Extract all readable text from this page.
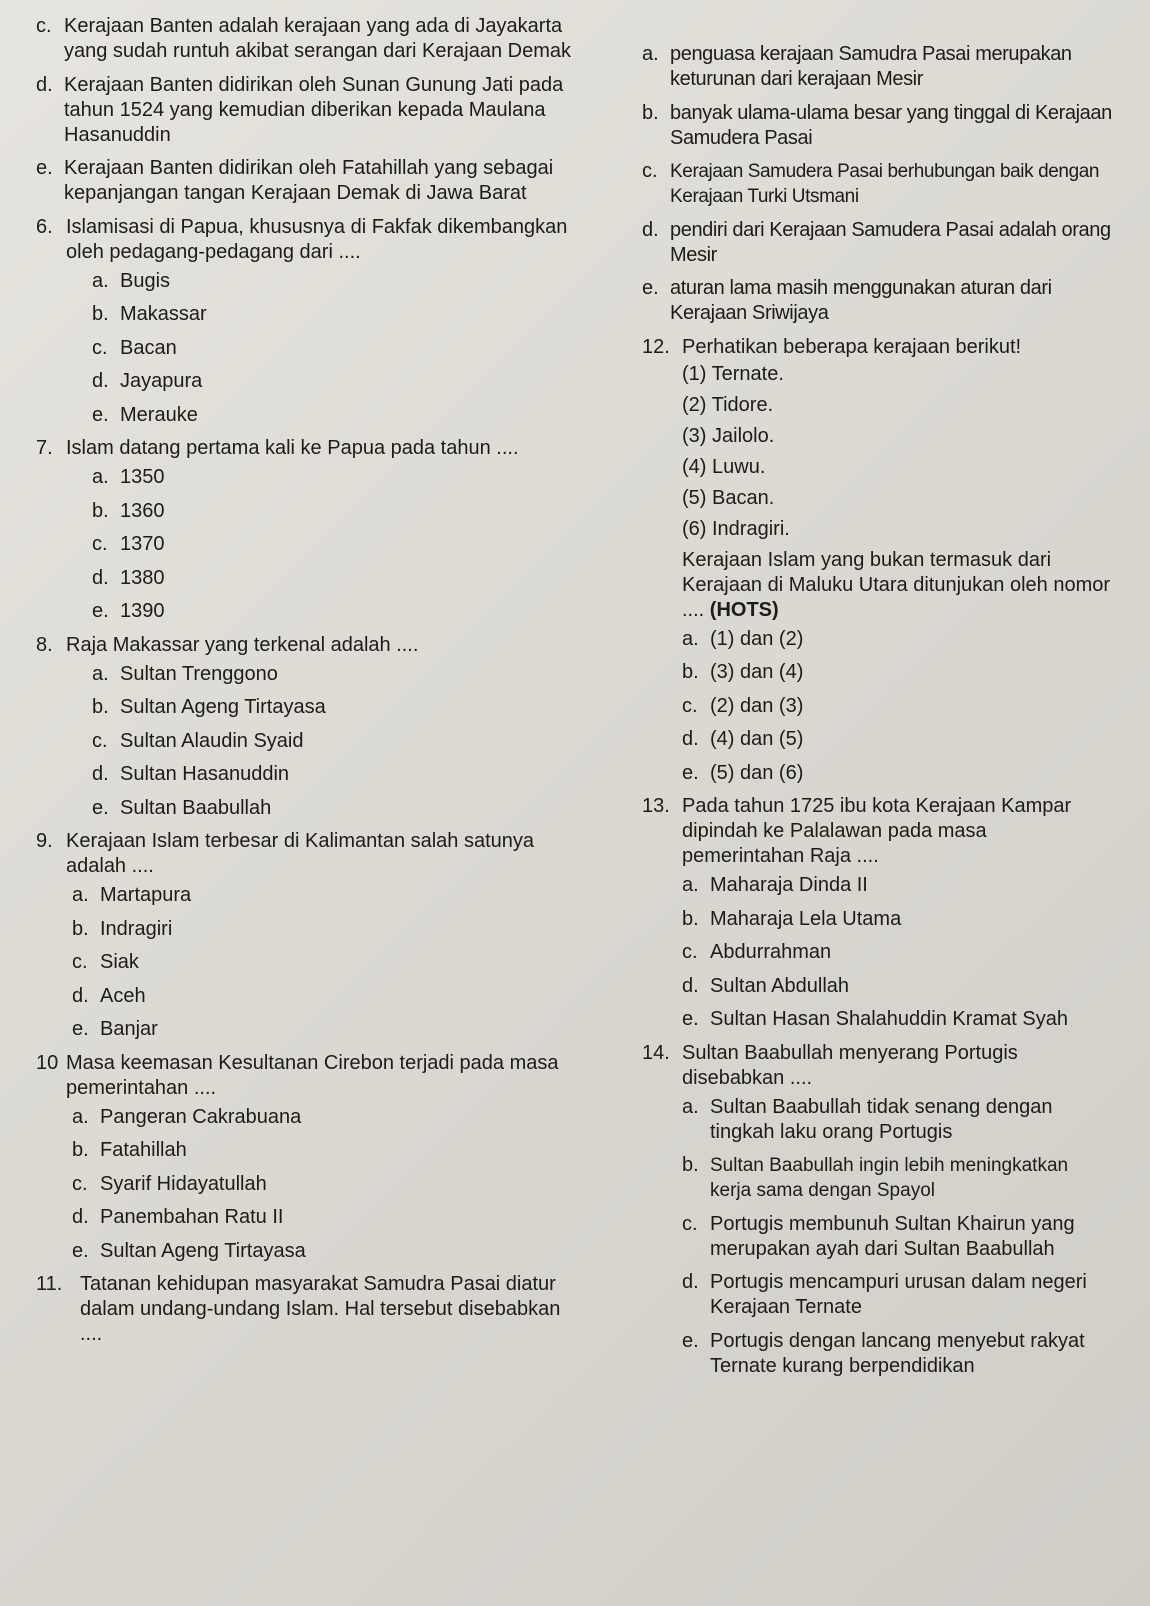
c. Kerajaan Banten adalah kerajaan yang ada di Jayakarta yang sudah runtuh akibat serangan dari Kerajaan Demak
d. Kerajaan Banten didirikan oleh Sunan Gunung Jati pada tahun 1524 yang kemudian diberikan kepada Maulana Hasanuddin
e. Kerajaan Banten didirikan oleh Fatahillah yang sebagai kepanjangan tangan Kerajaan Demak di Jawa Barat
6. Islamisasi di Papua, khususnya di Fakfak dikembangkan oleh pedagang-pedagang dari ....
a. Bugis
b. Makassar
c. Bacan
d. Jayapura
e. Merauke
7. Islam datang pertama kali ke Papua pada tahun ....
a. 1350
b. 1360
c. 1370
d. 1380
e. 1390
8. Raja Makassar yang terkenal adalah ....
a. Sultan Trenggono
b. Sultan Ageng Tirtayasa
c. Sultan Alaudin Syaid
d. Sultan Hasanuddin
e. Sultan Baabullah
9. Kerajaan Islam terbesar di Kalimantan salah satunya adalah ....
a. Martapura
b. Indragiri
c. Siak
d. Aceh
e. Banjar
10 Masa keemasan Kesultanan Cirebon terjadi pada masa pemerintahan ....
a. Pangeran Cakrabuana
b. Fatahillah
c. Syarif Hidayatullah
d. Panembahan Ratu II
e. Sultan Ageng Tirtayasa
11. Tatanan kehidupan masyarakat Samudra Pasai diatur dalam undang-undang Islam. Hal tersebut disebabkan ....
a. penguasa kerajaan Samudra Pasai merupakan keturunan dari kerajaan Mesir
b. banyak ulama-ulama besar yang tinggal di Kerajaan Samudera Pasai
c. Kerajaan Samudera Pasai berhubungan baik dengan Kerajaan Turki Utsmani
d. pendiri dari Kerajaan Samudera Pasai adalah orang Mesir
e. aturan lama masih menggunakan aturan dari Kerajaan Sriwijaya
12. Perhatikan beberapa kerajaan berikut!
(1) Ternate.
(2) Tidore.
(3) Jailolo.
(4) Luwu.
(5) Bacan.
(6) Indragiri.
Kerajaan Islam yang bukan termasuk dari Kerajaan di Maluku Utara ditunjukan oleh nomor .... (HOTS)
a. (1) dan (2)
b. (3) dan (4)
c. (2) dan (3)
d. (4) dan (5)
e. (5) dan (6)
13. Pada tahun 1725 ibu kota Kerajaan Kampar dipindah ke Palalawan pada masa pemerintahan Raja ....
a. Maharaja Dinda II
b. Maharaja Lela Utama
c. Abdurrahman
d. Sultan Abdullah
e. Sultan Hasan Shalahuddin Kramat Syah
14. Sultan Baabullah menyerang Portugis disebabkan ....
a. Sultan Baabullah tidak senang dengan tingkah laku orang Portugis
b. Sultan Baabullah ingin lebih meningkatkan kerja sama dengan Spayol
c. Portugis membunuh Sultan Khairun yang merupakan ayah dari Sultan Baabullah
d. Portugis mencampuri urusan dalam negeri Kerajaan Ternate
e. Portugis dengan lancang menyebut rakyat Ternate kurang berpendidikan
